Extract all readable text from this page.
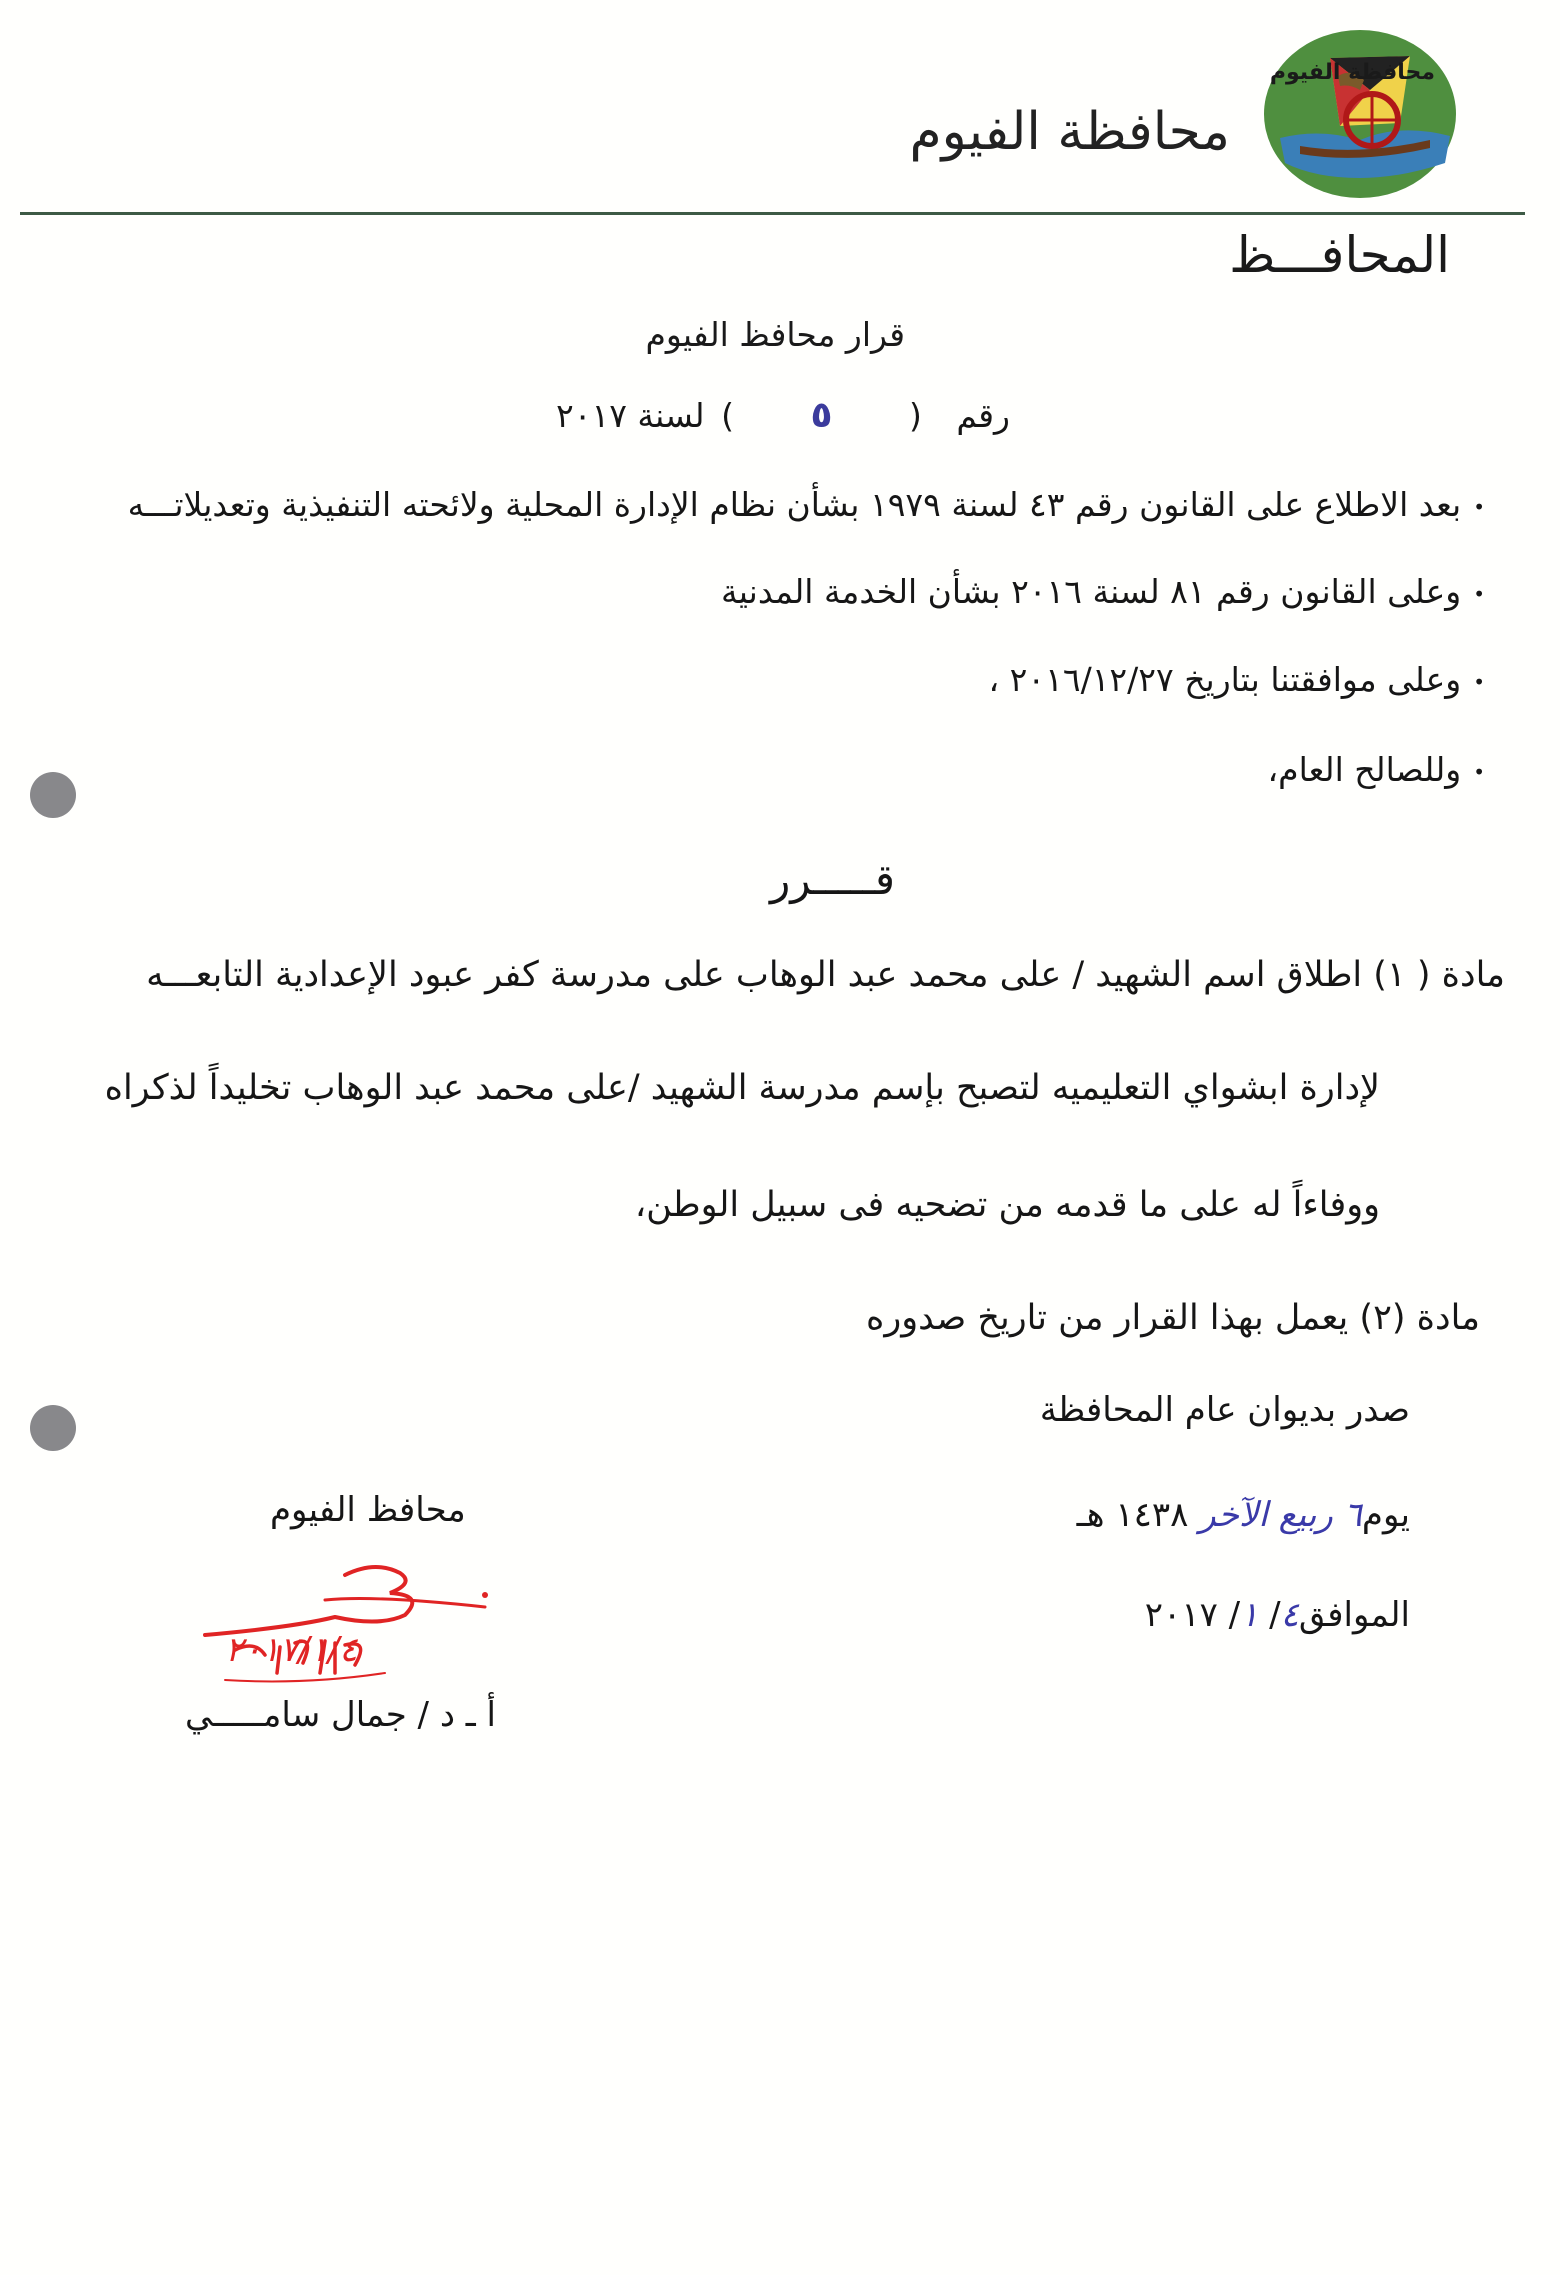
محافظة الفيوم
محافظة الفيوم
المحافـــظ
قرار محافظ الفيوم
رقم ( ٥ ) لسنة ٢٠١٧
•بعد الاطلاع على القانون رقم ٤٣ لسنة ١٩٧٩ بشأن نظام الإدارة المحلية ولائحته التنفيذية وتعديلاتـــه
•وعلى القانون رقم ٨١ لسنة ٢٠١٦ بشأن الخدمة المدنية
•وعلى موافقتنا بتاريخ ٢٠١٦/١٢/٢٧ ،
•وللصالح العام،
قـــــرر
مادة ( ١) اطلاق اسم الشهيد / على محمد عبد الوهاب على مدرسة كفر عبود الإعدادية التابعـــه
لإدارة ابشواي التعليميه لتصبح بإسم مدرسة الشهيد /على محمد عبد الوهاب تخليداً لذكراه
ووفاءاً له على ما قدمه من تضحيه فى سبيل الوطن،
مادة (٢) يعمل بهذا القرار من تاريخ صدوره
صدر بديوان عام المحافظة
يوم٦ ربيع الآخر ١٤٣٨ هـ
الموافق٤/ ١/ ٢٠١٧
محافظ الفيوم
٢٠١٧/١/٤
أ ـ د / جمال سامـــــي
